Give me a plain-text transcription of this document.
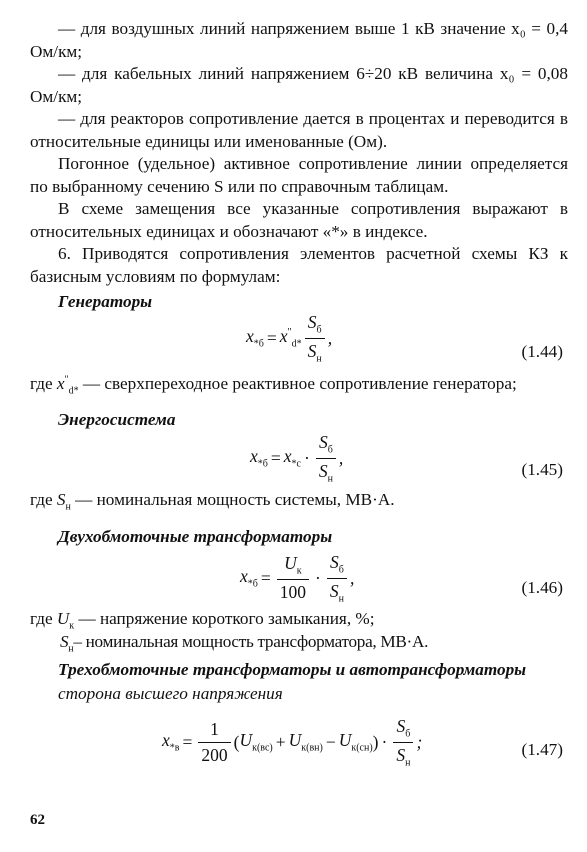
— для воздушных линий напряжением выше 1 кВ значение x₀ = 0,4 Ом/км;

— для кабельных линий напряжением 6÷20 кВ величина x₀ = 0,08 Ом/км;

— для реакторов сопротивление дается в процентах и переводится в относительные единицы или именованные (Ом).

Погонное (удельное) активное сопротивление линии определяется по выбранному сечению S или по справочным таблицам.

В схеме замещения все указанные сопротивления выражают в относительных единицах и обозначают «*» в индексе.

6. Приводятся сопротивления элементов расчетной схемы КЗ к базисным условиям по формулам:

Генераторы

$x_{*б} = x^"_{d*} \frac{S_б}{S_н}$ ,
(1.44)

где $x^"_{d*}$ — сверхпереходное реактивное сопротивление генератора;

Энергосистема

$x_{*б} = x_{*с} \cdot \frac{S_б}{S_н}$ ,
(1.45)

где $S_н$ — номинальная мощность системы, МВ·А.

Двухобмоточные трансформаторы

$x_{*б} = \frac{U_к}{100} \cdot \frac{S_б}{S_н}$ ,	(1.46)

где $U_к$ — напряжение короткого замыкания, %;

$S_н-$ номинальная мощность трансформатора, МВ·А.

Трехобмоточные трансформаторы и автотрансформаторы

сторона высшего напряжения

$x_{*в} = \frac{1}{200}$ ( $U_{к(вс)} + U_{к(вн)} - U_{к(сн)}$ ) · $\frac{S_б}{S_н}$ ;	(1.47)
62
